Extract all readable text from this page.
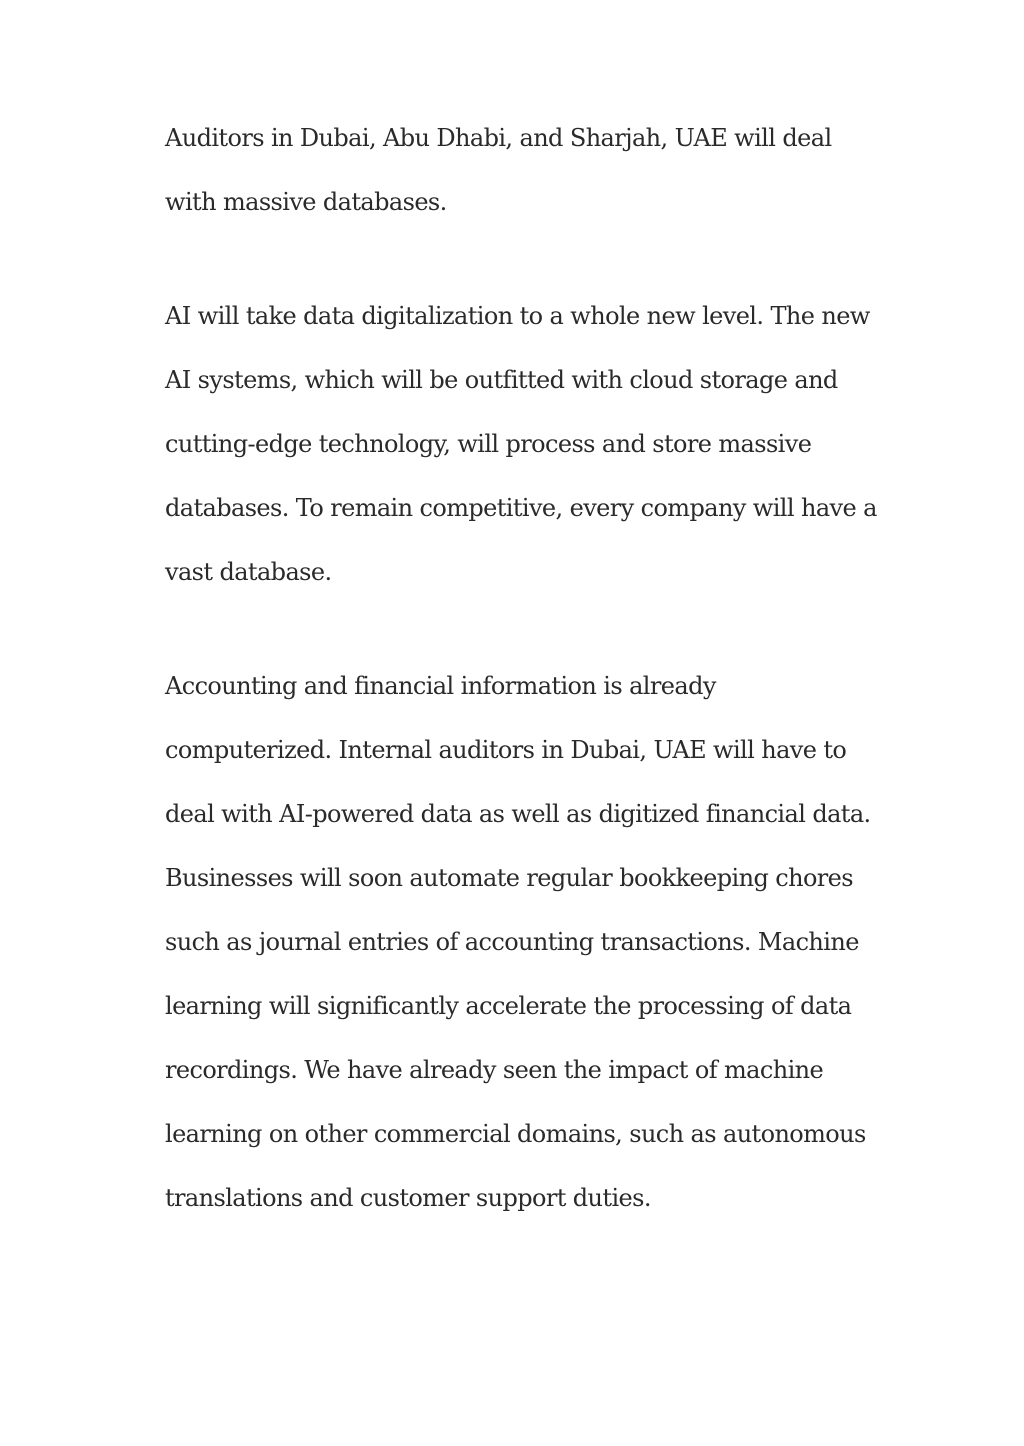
Auditors in Dubai, Abu Dhabi, and Sharjah, UAE will deal
with massive databases.

AI will take data digitalization to a whole new level. The new
AI systems, which will be outfitted with cloud storage and
cutting-edge technology, will process and store massive
databases. To remain competitive, every company will have a
vast database.

Accounting and financial information is already
computerized. Internal auditors in Dubai, UAE will have to
deal with AI-powered data as well as digitized financial data.
Businesses will soon automate regular bookkeeping chores
such as journal entries of accounting transactions. Machine
learning will significantly accelerate the processing of data
recordings. We have already seen the impact of machine
learning on other commercial domains, such as autonomous
translations and customer support duties.
